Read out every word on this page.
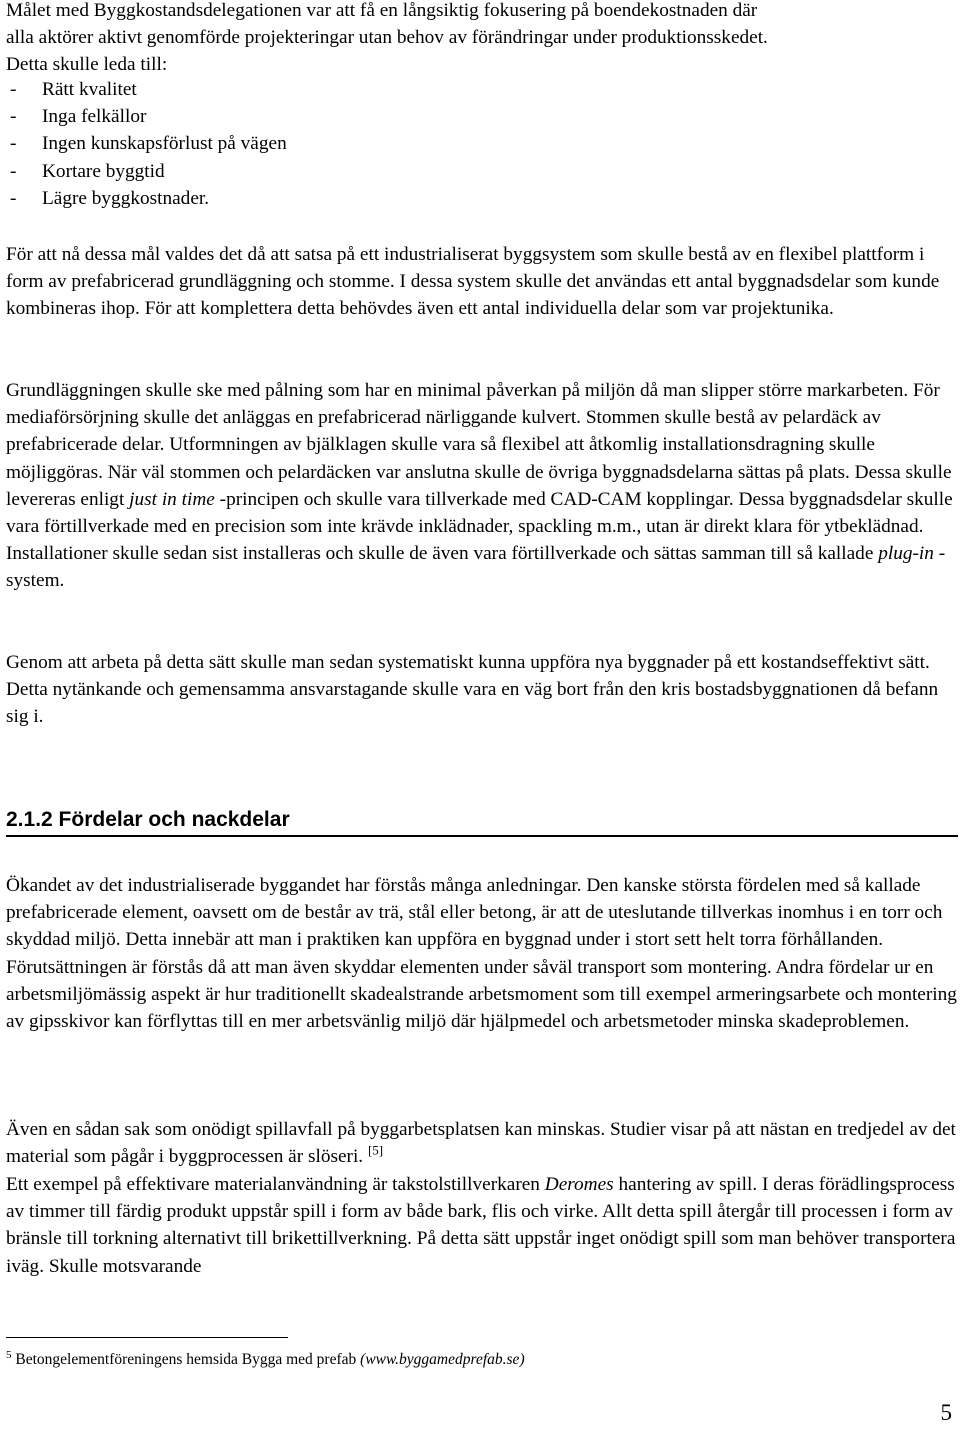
Målet med Byggkostandsdelegationen var att få en långsiktig fokusering på boendekostnaden där
alla aktörer aktivt genomförde projekteringar utan behov av förändringar under produktionsskedet.
Detta skulle leda till:

- Rätt kvalitet
- Inga felkällor
- Ingen kunskapsförlust på vägen
- Kortare byggtid
- Lägre byggkostnader.

För att nå dessa mål valdes det då att satsa på ett industrialiserat byggsystem som skulle bestå av en flexibel plattform i form av prefabricerad grundläggning och stomme. I dessa system skulle det användas ett antal byggnadsdelar som kunde kombineras ihop. För att komplettera detta behövdes även ett antal individuella delar som var projektunika.

Grundläggningen skulle ske med pålning som har en minimal påverkan på miljön då man slipper större markarbeten. För mediaförsörjning skulle det anläggas en prefabricerad närliggande kulvert. Stommen skulle bestå av pelardäck av prefabricerade delar. Utformningen av bjälklagen skulle vara så flexibel att åtkomlig installationsdragning skulle möjliggöras. När väl stommen och pelardäcken var anslutna skulle de övriga byggnadsdelarna sättas på plats. Dessa skulle levereras enligt just in time -principen och skulle vara tillverkade med CAD-CAM kopplingar. Dessa byggnadsdelar skulle vara förtillverkade med en precision som inte krävde inklädnader, spackling m.m., utan är direkt klara för ytbeklädnad. Installationer skulle sedan sist installeras och skulle de även vara förtillverkade och sättas samman till så kallade plug-in -system.

Genom att arbeta på detta sätt skulle man sedan systematiskt kunna uppföra nya byggnader på ett kostandseffektivt sätt. Detta nytänkande och gemensamma ansvarstagande skulle vara en väg bort från den kris bostadsbyggnationen då befann sig i.

2.1.2 Fördelar och nackdelar

Ökandet av det industrialiserade byggandet har förstås många anledningar. Den kanske största fördelen med så kallade prefabricerade element, oavsett om de består av trä, stål eller betong, är att de uteslutande tillverkas inomhus i en torr och skyddad miljö. Detta innebär att man i praktiken kan uppföra en byggnad under i stort sett helt torra förhållanden. Förutsättningen är förstås då att man även skyddar elementen under såväl transport som montering. Andra fördelar ur en arbetsmiljömässig aspekt är hur traditionellt skadealstrande arbetsmoment som till exempel armeringsarbete och montering av gipsskivor kan förflyttas till en mer arbetsvänlig miljö där hjälpmedel och arbetsmetoder minska skadeproblemen.

Även en sådan sak som onödigt spillavfall på byggarbetsplatsen kan minskas. Studier visar på att nästan en tredjedel av det material som pågår i byggprocessen är slöseri. [5]

Ett exempel på effektivare materialanvändning är takstolstillverkaren Deromes hantering av spill. I deras förädlingsprocess av timmer till färdig produkt uppstår spill i form av både bark, flis och virke. Allt detta spill återgår till processen i form av bränsle till torkning alternativt till brikettillverkning. På detta sätt uppstår inget onödigt spill som man behöver transportera iväg. Skulle motsvarande

$^5$ Betongelementföreningens hemsida Bygga med prefab (www.byggamedprefab.se)

5
